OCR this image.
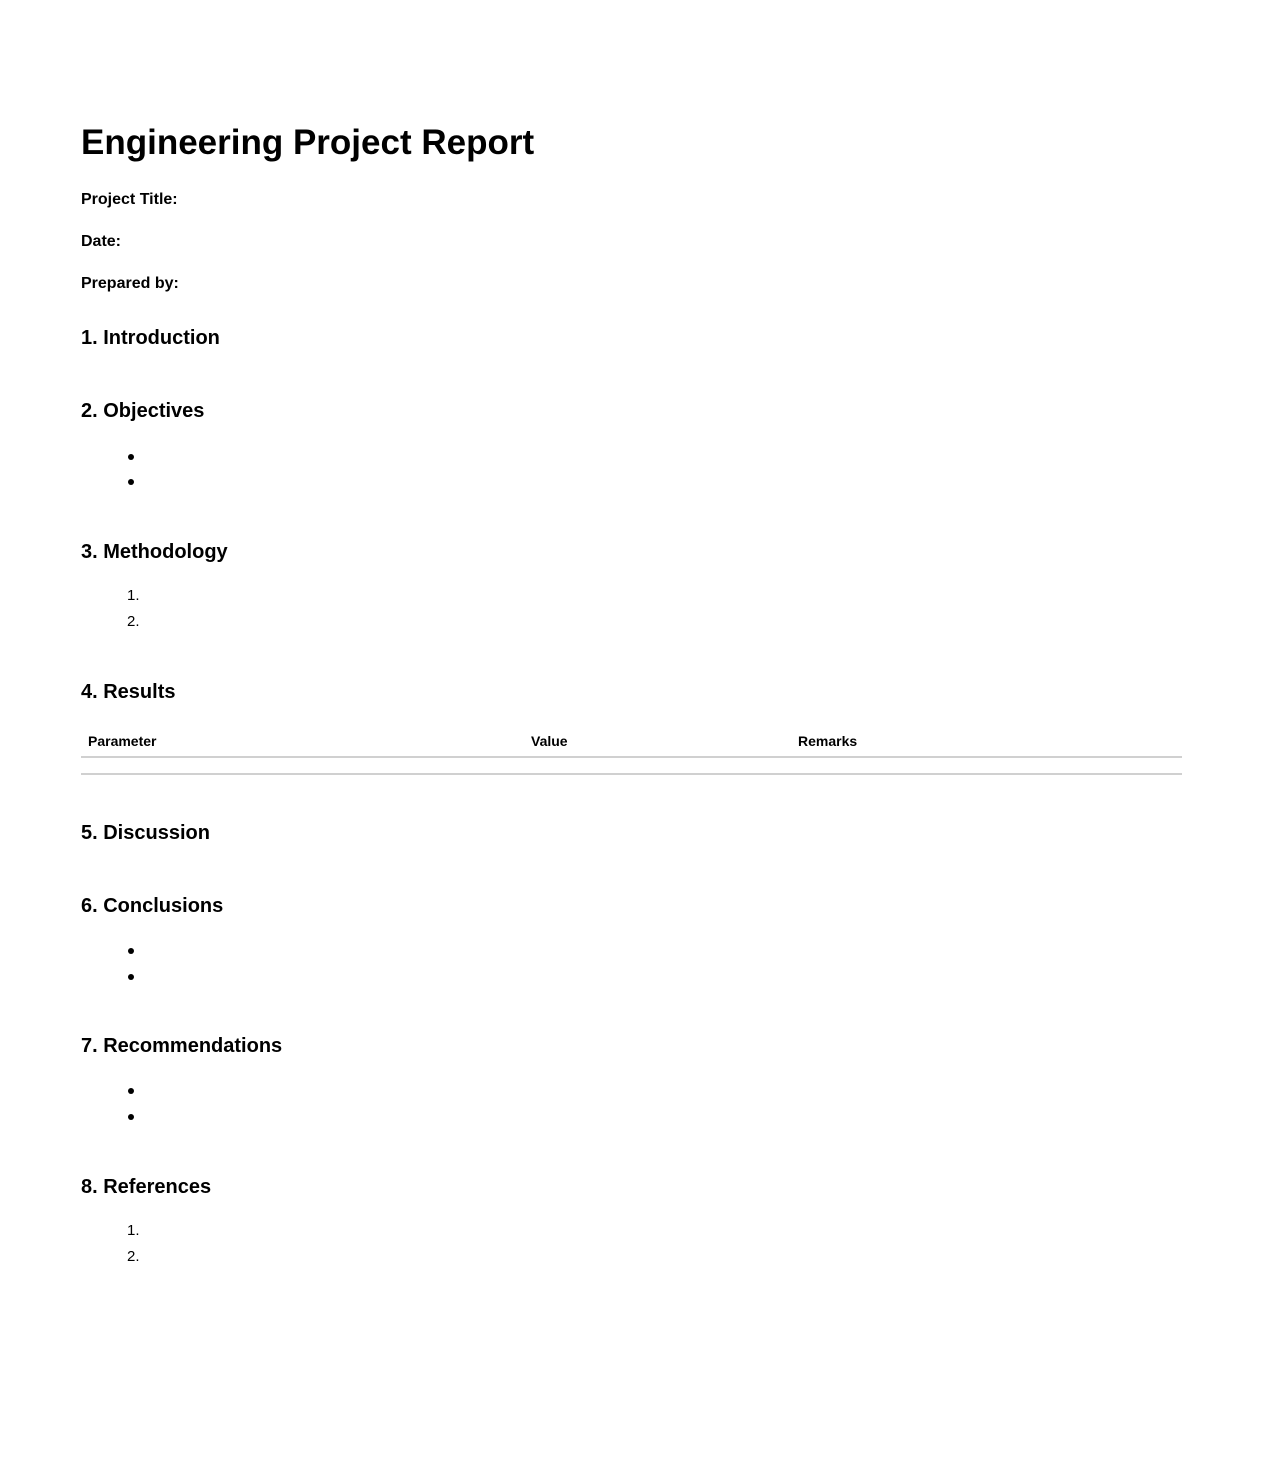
Engineering Project Report
Project Title:
Date:
Prepared by:
1. Introduction
2. Objectives
3. Methodology
1.
2.
4. Results
Parameter	Value	Remarks

5. Discussion
6. Conclusions
7. Recommendations
8. References
1.
2.
